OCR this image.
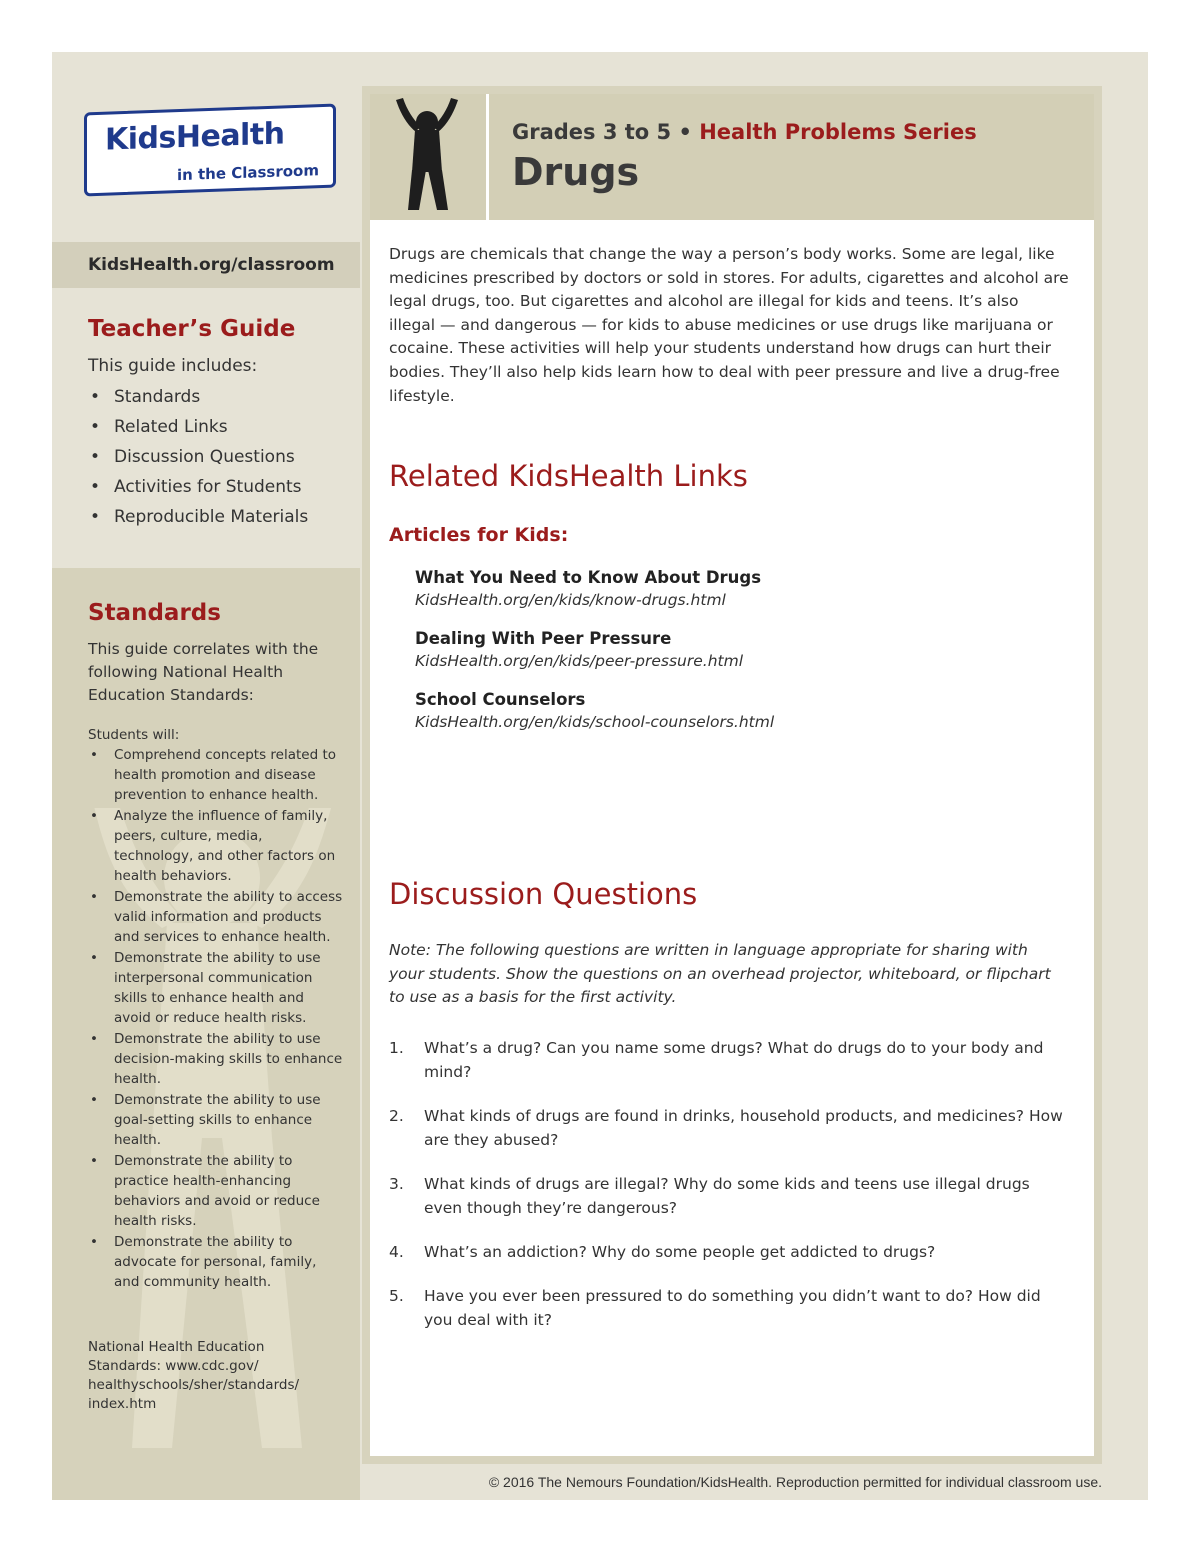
KidsHealth
in the Classroom
KidsHealth.org/classroom
Teacher’s Guide

This guide includes:

• Standards
• Related Links
• Discussion Questions
• Activities for Students
• Reproducible Materials
Standards

This guide correlates with the following National Health Education Standards:

Students will:

• Comprehend concepts related to health promotion and disease prevention to enhance health.
• Analyze the influence of family, peers, culture, media, technology, and other factors on health behaviors.
• Demonstrate the ability to access valid information and products and services to enhance health.
• Demonstrate the ability to use interpersonal communication skills to enhance health and avoid or reduce health risks.
• Demonstrate the ability to use decision-making skills to enhance health.
• Demonstrate the ability to use goal-setting skills to enhance health.
• Demonstrate the ability to practice health-enhancing behaviors and avoid or reduce health risks.
• Demonstrate the ability to advocate for personal, family, and community health.
National Health Education Standards: www.cdc.gov/ healthyschools/sher/standards/ index.htm
Grades 3 to 5 • Health Problems Series
Drugs

Drugs are chemicals that change the way a person’s body works. Some are legal, like medicines prescribed by doctors or sold in stores. For adults, cigarettes and alcohol are legal drugs, too. But cigarettes and alcohol are illegal for kids and teens. It’s also illegal — and dangerous — for kids to abuse medicines or use drugs like marijuana or cocaine. These activities will help your students understand how drugs can hurt their bodies. They’ll also help kids learn how to deal with peer pressure and live a drug-free lifestyle.

Related KidsHealth Links
Articles for Kids:
What You Need to Know About Drugs
KidsHealth.org/en/kids/know-drugs.html
Dealing With Peer Pressure
KidsHealth.org/en/kids/peer-pressure.html
School Counselors
KidsHealth.org/en/kids/school-counselors.html
Discussion Questions

Note: The following questions are written in language appropriate for sharing with your students. Show the questions on an overhead projector, whiteboard, or flipchart to use as a basis for the first activity.

1. What’s a drug? Can you name some drugs? What do drugs do to your body and mind?
2. What kinds of drugs are found in drinks, household products, and medicines? How are they abused?
3. What kinds of drugs are illegal? Why do some kids and teens use illegal drugs even though they’re dangerous?
4. What’s an addiction? Why do some people get addicted to drugs?
5. Have you ever been pressured to do something you didn’t want to do? How did you deal with it?
© 2016 The Nemours Foundation/KidsHealth. Reproduction permitted for individual classroom use.
